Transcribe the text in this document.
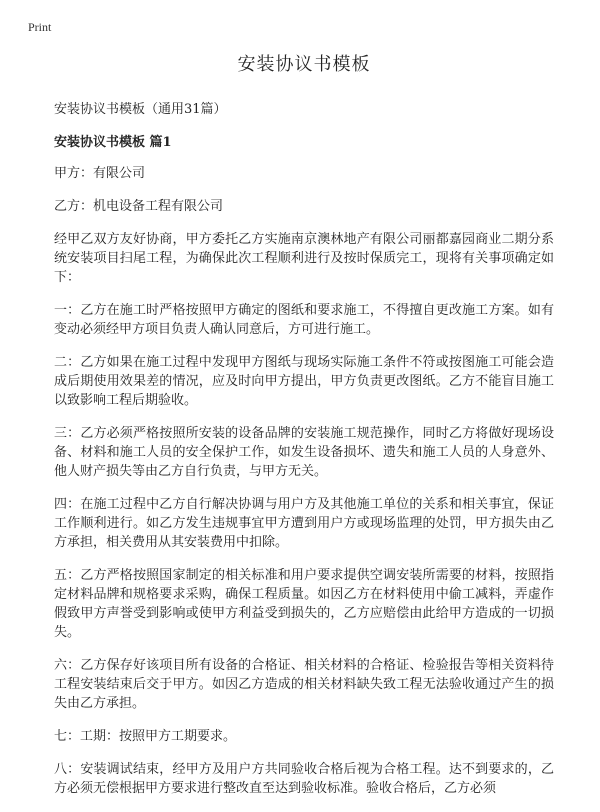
Print
安装协议书模板

安装协议书模板（通用31篇）

安装协议书模板 篇1

甲方：有限公司

乙方：机电设备工程有限公司

经甲乙双方友好协商，甲方委托乙方实施南京澳林地产有限公司丽都嘉园商业二期分系统安装项目扫尾工程，为确保此次工程顺利进行及按时保质完工，现将有关事项确定如下：

一：乙方在施工时严格按照甲方确定的图纸和要求施工，不得擅自更改施工方案。如有变动必须经甲方项目负责人确认同意后，方可进行施工。

二：乙方如果在施工过程中发现甲方图纸与现场实际施工条件不符或按图施工可能会造成后期使用效果差的情况，应及时向甲方提出，甲方负责更改图纸。乙方不能盲目施工以致影响工程后期验收。

三：乙方必须严格按照所安装的设备品牌的安装施工规范操作，同时乙方将做好现场设备、材料和施工人员的安全保护工作，如发生设备损坏、遗失和施工人员的人身意外、他人财产损失等由乙方自行负责，与甲方无关。

四：在施工过程中乙方自行解决协调与用户方及其他施工单位的关系和相关事宜，保证工作顺利进行。如乙方发生违规事宜甲方遭到用户方或现场监理的处罚，甲方损失由乙方承担，相关费用从其安装费用中扣除。

五：乙方严格按照国家制定的相关标准和用户要求提供空调安装所需要的材料，按照指定材料品牌和规格要求采购，确保工程质量。如因乙方在材料使用中偷工减料，弄虚作假致甲方声誉受到影响或使甲方利益受到损失的，乙方应赔偿由此给甲方造成的一切损失。

六：乙方保存好该项目所有设备的合格证、相关材料的合格证、检验报告等相关资料待工程安装结束后交于甲方。如因乙方造成的相关材料缺失致工程无法验收通过产生的损失由乙方承担。

七：工期：按照甲方工期要求。

八：安装调试结束，经甲方及用户方共同验收合格后视为合格工程。达不到要求的，乙方必须无偿根据甲方要求进行整改直至达到验收标准。验收合格后，乙方必须
